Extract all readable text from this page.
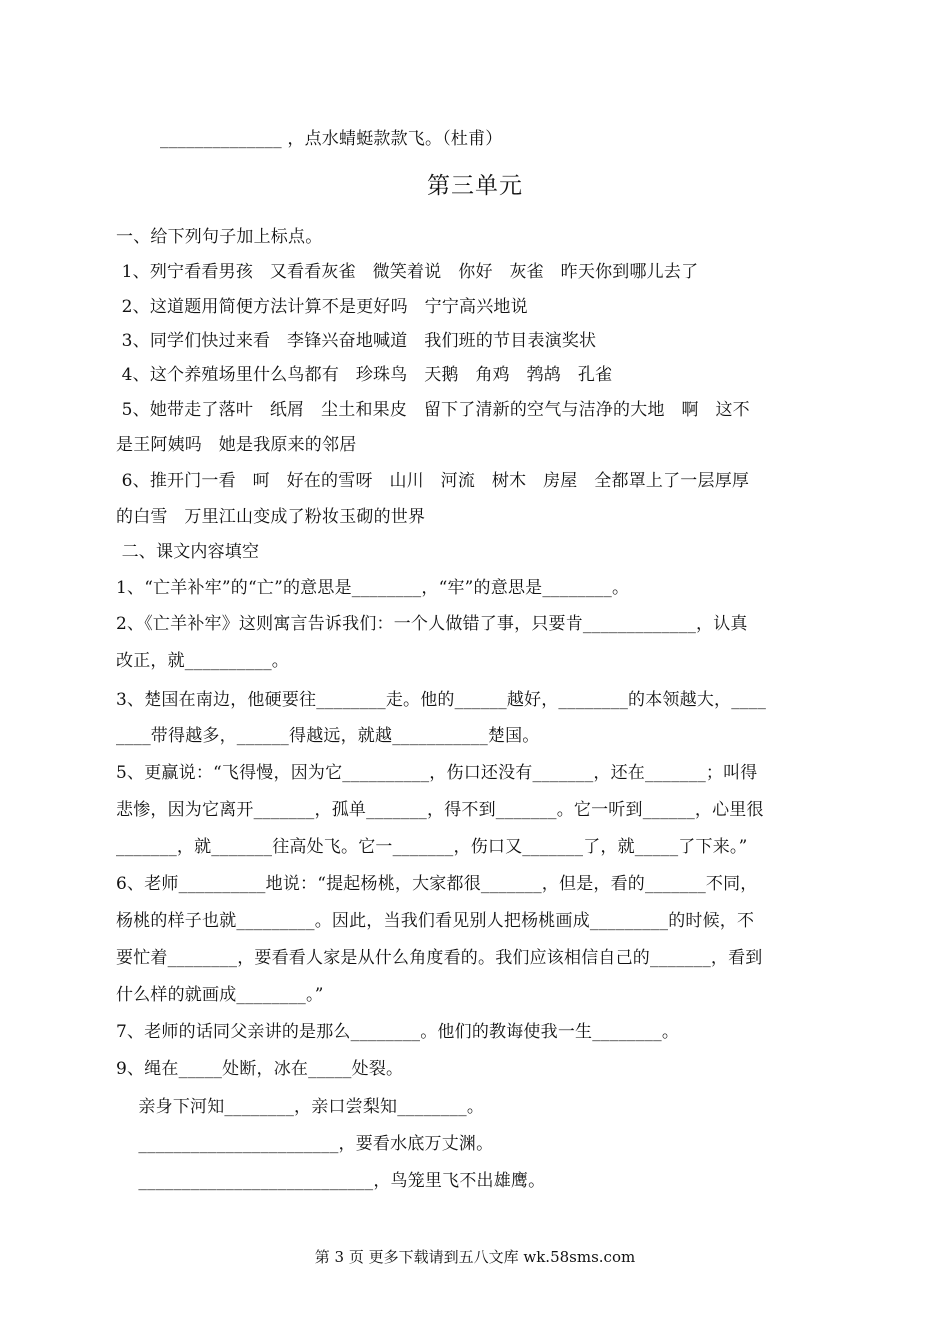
______________ ，点水蜻蜓款款飞。（杜甫）
第三单元
一、给下列句子加上标点。
1、列宁看看男孩   又看看灰雀   微笑着说   你好   灰雀   昨天你到哪儿去了
2、这道题用简便方法计算不是更好吗   宁宁高兴地说
3、同学们快过来看   李锋兴奋地喊道   我们班的节目表演奖状
4、这个养殖场里什么鸟都有   珍珠鸟   天鹅   角鸡   鹁鸪   孔雀
5、她带走了落叶   纸屑   尘土和果皮   留下了清新的空气与洁净的大地   啊   这不
是王阿姨吗   她是我原来的邻居
6、推开门一看   呵   好在的雪呀   山川   河流   树木   房屋   全都罩上了一层厚厚
的白雪   万里江山变成了粉妆玉砌的世界
二、课文内容填空
1、“亡羊补牢”的“亡”的意思是________，“牢”的意思是________。
2、《亡羊补牢》这则寓言告诉我们：一个人做错了事，只要肯_____________，认真
改正，就__________。
3、楚国在南边，他硬要往________走。他的______越好，________的本领越大，____
____带得越多，______得越远，就越___________楚国。
5、更赢说：“飞得慢，因为它__________，伤口还没有_______，还在_______；叫得
悲惨，因为它离开_______，孤单_______，得不到_______。它一听到______，心里很
_______，就_______往高处飞。它一_______，伤口又_______了，就_____了下来。”
6、老师__________地说：“提起杨桃，大家都很_______，但是，看的_______不同，
杨桃的样子也就_________。因此，当我们看见别人把杨桃画成_________的时候，不
要忙着________，要看看人家是从什么角度看的。我们应该相信自己的_______，看到
什么样的就画成________。”
7、老师的话同父亲讲的是那么________。他们的教诲使我一生________。
9、绳在_____处断，冰在_____处裂。
亲身下河知________，亲口尝梨知________。
_______________________，要看水底万丈渊。
___________________________，鸟笼里飞不出雄鹰。
第 3 页 更多下载请到五八文库 wk.58sms.com
